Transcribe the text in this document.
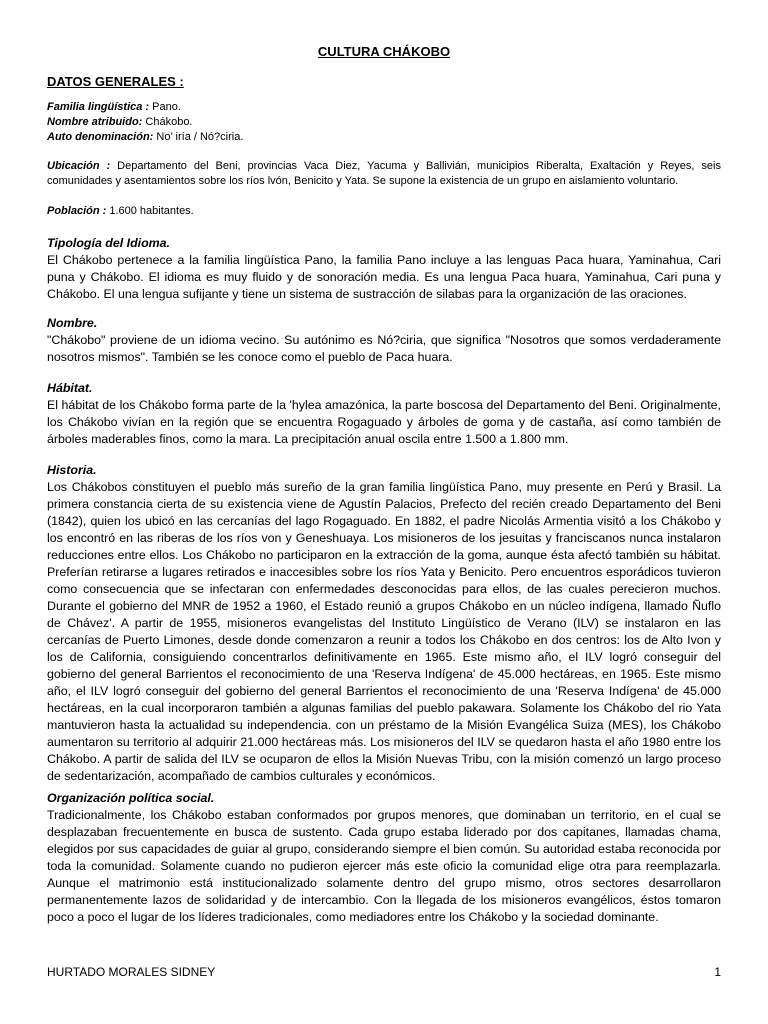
CULTURA CHÁKOBO
DATOS GENERALES :
Familia lingüística : Pano.
Nombre atribuido: Chákobo.
Auto denominación: No’ iría / Nó?ciria.
Ubicación : Departamento del Beni, provincias Vaca Diez, Yacuma y Ballivián, municipios Riberalta, Exaltación y Reyes, seis comunidades y asentamientos sobre los ríos lvón, Benicito y Yata. Se supone la existencia de un grupo en aislamiento voluntario.
Población : 1.600 habitantes.
Tipología del Idioma.

El Chákobo pertenece a la familia lingüística Pano, la familia Pano incluye a las lenguas Paca huara, Yaminahua, Cari puna y Chákobo. El idioma es muy fluido y de sonoración media. Es una lengua Paca huara, Yaminahua, Cari puna y Chákobo. El una lengua sufijante y tiene un sistema de sustracción de silabas para la organización de las oraciones.

Nombre.

"Chákobo" proviene de un idioma vecino. Su autónimo es Nó?ciria, que significa "Nosotros que somos verdaderamente nosotros mismos". También se les conoce como el pueblo de Paca huara.

Hábitat.

El hábitat de los Chákobo forma parte de la 'hylea amazónica, la parte boscosa del Departamento del Beni. Originalmente, los Chákobo vivían en la región que se encuentra Rogaguado y árboles de goma y de castaña, así como también de árboles maderables finos, como la mara. La precipitación anual oscila entre 1.500 a 1.800 mm.

Historia.

Los Chákobos constituyen el pueblo más sureño de la gran familia lingüística Pano, muy presente en Perú y Brasil. La primera constancia cierta de su existencia viene de Agustín Palacios, Prefecto del recién creado Departamento del Beni (1842), quien los ubicó en las cercanías del lago Rogaguado. En 1882, el padre Nicolás Armentia visitó a los Chákobo y los encontró en las riberas de los ríos von y Geneshuaya. Los misioneros de los jesuitas y franciscanos nunca instalaron reducciones entre ellos. Los Chákobo no participaron en la extracción de la goma, aunque ésta afectó también su hábitat. Preferían retirarse a lugares retirados e inaccesibles sobre los ríos Yata y Benicito. Pero encuentros esporádicos tuvieron como consecuencia que se infectaran con enfermedades desconocidas para ellos, de las cuales perecieron muchos. Durante el gobierno del MNR de 1952 a 1960, el Estado reunió a grupos Chákobo en un núcleo indígena, llamado Ñuflo de Chávez'. A partir de 1955, misioneros evangelistas del Instituto Lingüístico de Verano (ILV) se instalaron en las cercanías de Puerto Limones, desde donde comenzaron a reunir a todos los Chákobo en dos centros: los de Alto Ivon y los de California, consiguiendo concentrarlos definitivamente en 1965. Este mismo año, el ILV logró conseguir del gobierno del general Barrientos el reconocimiento de una 'Reserva Indígena' de 45.000 hectáreas, en 1965. Este mismo año, el ILV logró conseguir del gobierno del general Barrientos el reconocimiento de una 'Reserva Indígena' de 45.000 hectáreas, en la cual incorporaron también a algunas familias del pueblo pakawara. Solamente los Chákobo del rio Yata mantuvieron hasta la actualidad su independencia. con un préstamo de la Misión Evangélica Suiza (MES), los Chákobo aumentaron su territorio al adquirir 21.000 hectáreas más. Los misioneros del ILV se quedaron hasta el año 1980 entre los Chákobo. A partir de salida del ILV se ocuparon de ellos la Misión Nuevas Tribu, con la misión comenzó un largo proceso de sedentarización, acompañado de cambios culturales y económicos.

Organización política social.

Tradicionalmente, los Chákobo estaban conformados por grupos menores, que dominaban un territorio, en el cual se desplazaban frecuentemente en busca de sustento. Cada grupo estaba liderado por dos capitanes, llamadas chama, elegidos por sus capacidades de guiar al grupo, considerando siempre el bien común. Su autoridad estaba reconocida por toda la comunidad. Solamente cuando no pudieron ejercer más este oficio la comunidad elige otra para reemplazarla. Aunque el matrimonio está institucionalizado solamente dentro del grupo mismo, otros sectores desarrollaron permanentemente lazos de solidaridad y de intercambio. Con la llegada de los misioneros evangélicos, éstos tomaron poco a poco el lugar de los líderes tradicionales, como mediadores entre los Chákobo y la sociedad dominante.

HURTADO MORALES SIDNEY	1
